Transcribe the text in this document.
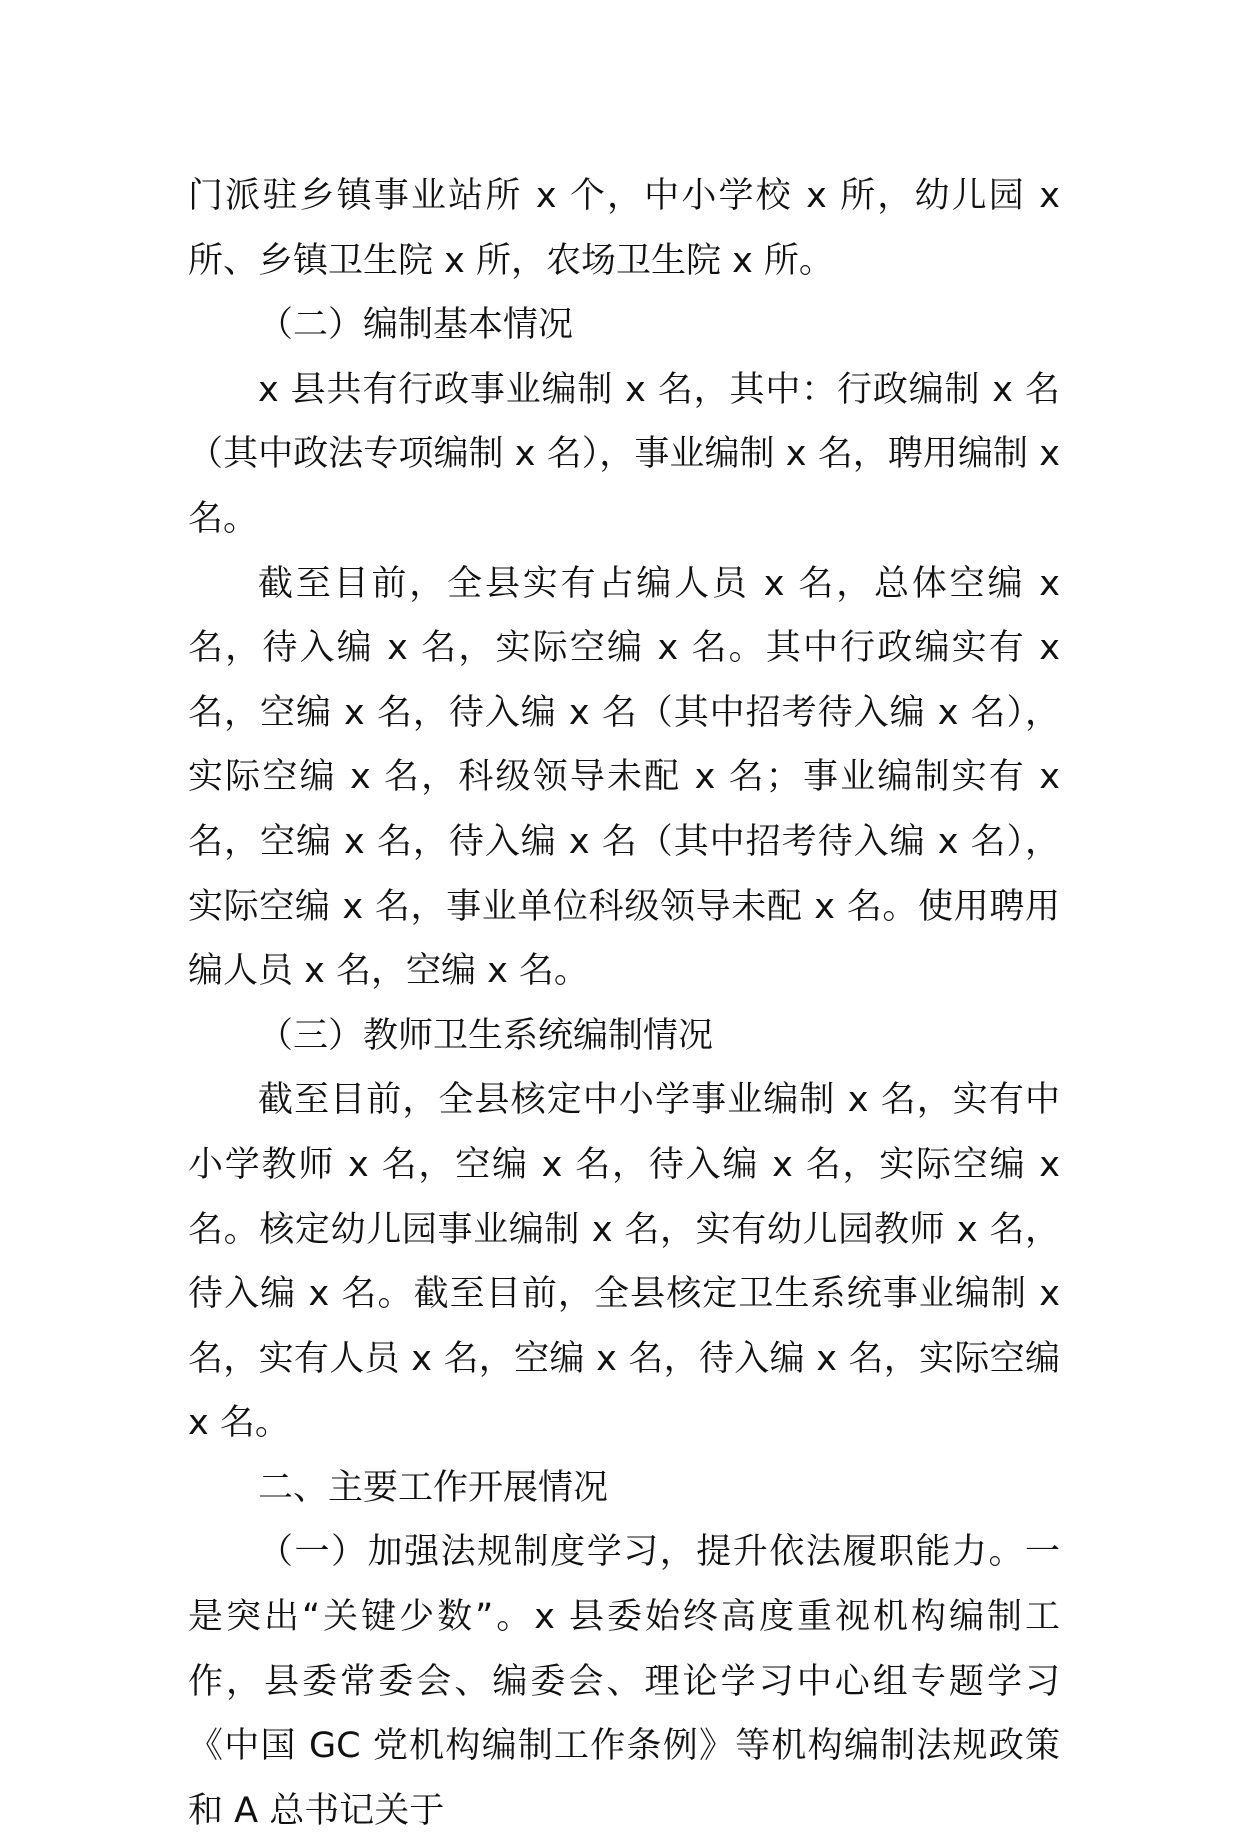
门派驻乡镇事业站所 x 个，中小学校 x 所，幼儿园 x 所、乡镇卫生院 x 所，农场卫生院 x 所。

（二）编制基本情况

x 县共有行政事业编制 x 名，其中：行政编制 x 名（其中政法专项编制 x 名），事业编制 x 名，聘用编制 x 名。

截至目前，全县实有占编人员 x 名，总体空编 x 名，待入编 x 名，实际空编 x 名。其中行政编实有 x 名，空编 x 名，待入编 x 名（其中招考待入编 x 名），实际空编 x 名，科级领导未配 x 名；事业编制实有 x 名，空编 x 名，待入编 x 名（其中招考待入编 x 名），实际空编 x 名，事业单位科级领导未配 x 名。使用聘用编人员 x 名，空编 x 名。

（三）教师卫生系统编制情况

截至目前，全县核定中小学事业编制 x 名，实有中小学教师 x 名，空编 x 名，待入编 x 名，实际空编 x 名。核定幼儿园事业编制 x 名，实有幼儿园教师 x 名，待入编 x 名。截至目前，全县核定卫生系统事业编制 x 名，实有人员 x 名，空编 x 名，待入编 x 名，实际空编 x 名。

二、主要工作开展情况

（一）加强法规制度学习，提升依法履职能力。一是突出“关键少数”。x 县委始终高度重视机构编制工作，县委常委会、编委会、理论学习中心组专题学习《中国 GC 党机构编制工作条例》等机构编制法规政策和 A 总书记关于
